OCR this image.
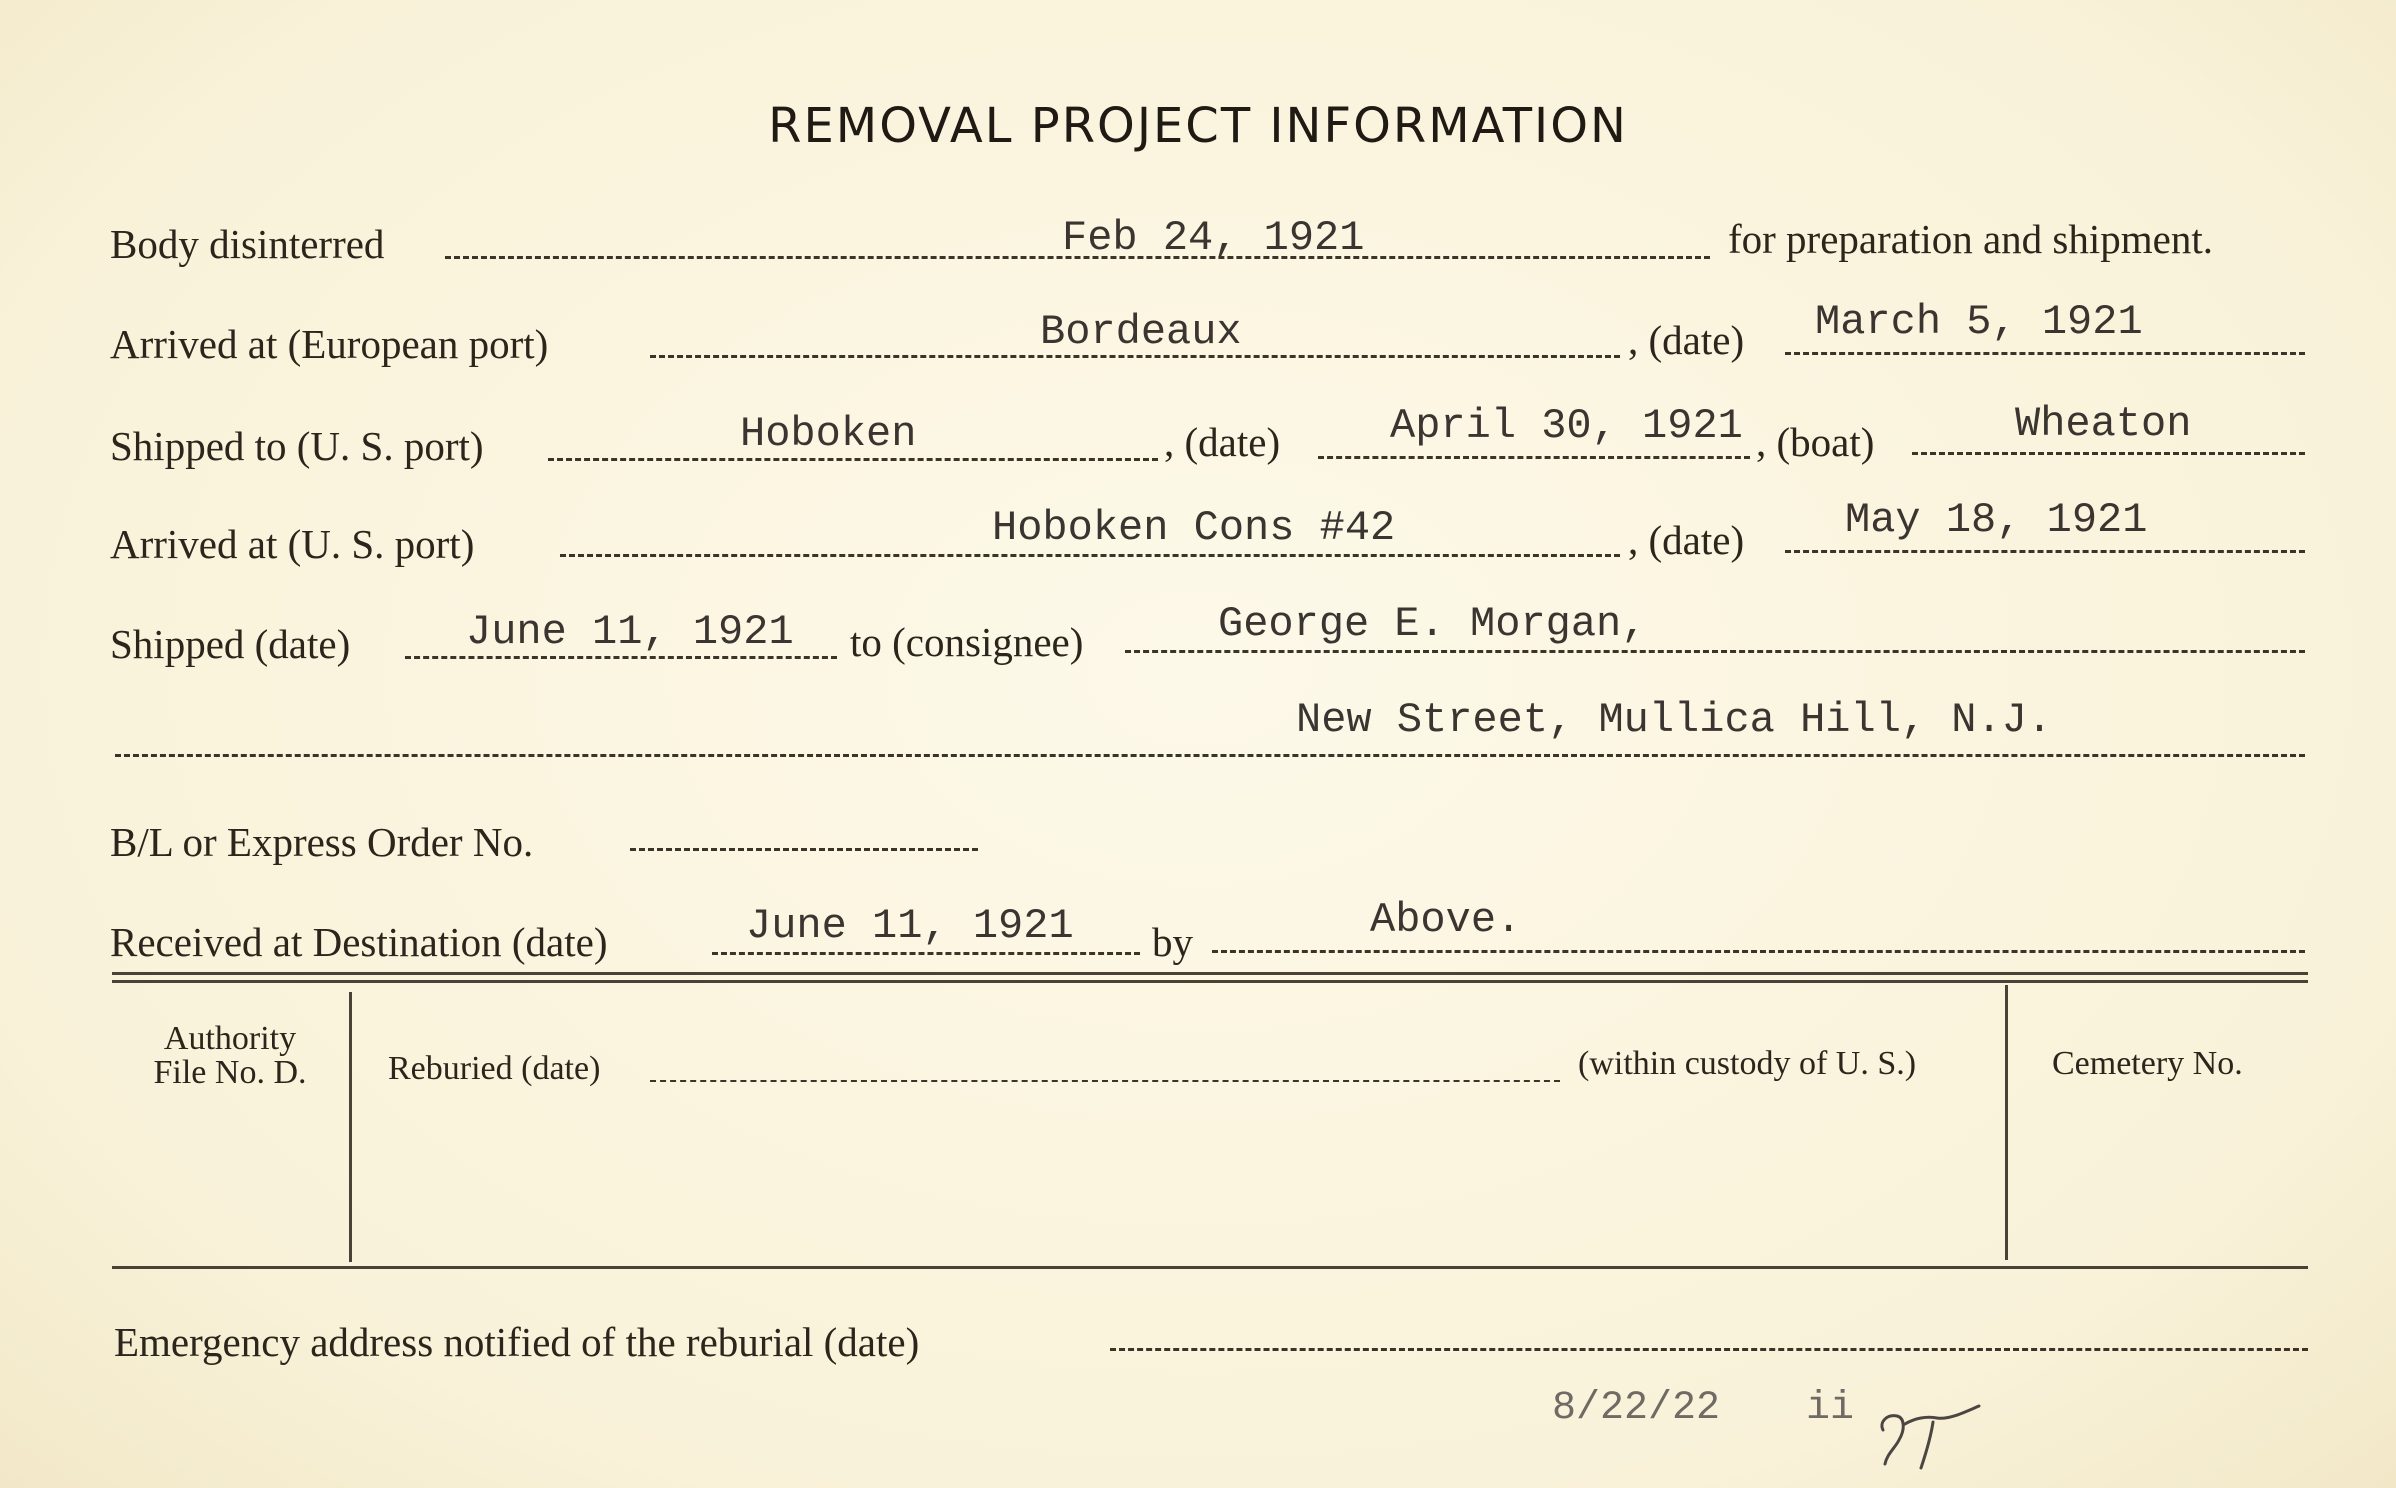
REMOVAL PROJECT INFORMATION
Body disinterred	Feb 24, 1921	for preparation and shipment.
Arrived at (European port)	Bordeaux	, (date) March 5, 1921
Shipped to (U. S. port)	Hoboken	, (date)	April 30, 1921 , (boat)	Wheaton
Arrived at (U. S. port)	Hoboken Cons #42	, (date) May 18, 1921
Shipped (date)	June 11, 1921 to (consignee)	George E. Morgan,
New Street, Mullica Hill, N.J.
B/L or Express Order No.
Received at Destination (date)	June 11, 1921 by	Above.
Authority
File No. D.	Reburied (date)	(within custody of U. S.)	Cemetery No.
Emergency address notified of the reburial (date)
8/22/22 ii
